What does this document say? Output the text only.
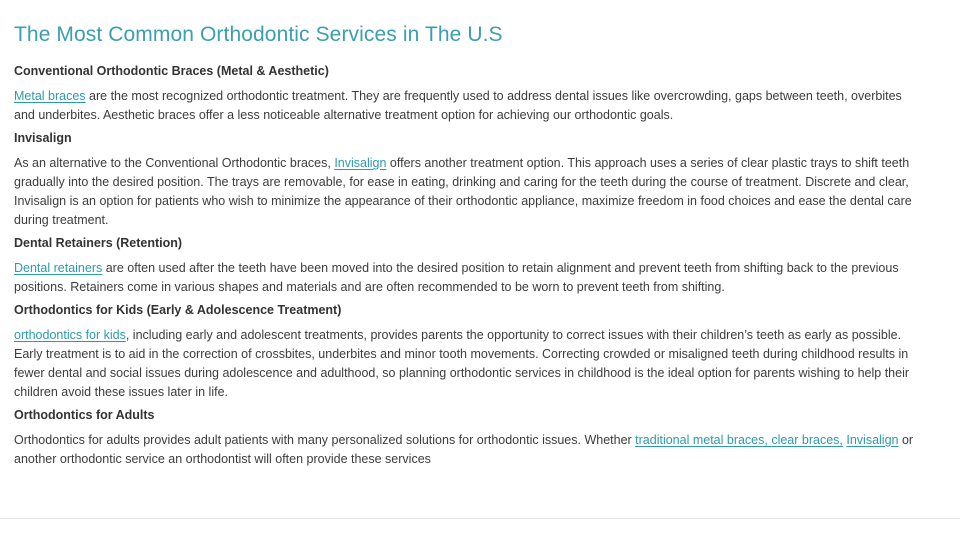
The Most Common Orthodontic Services in The U.S
Conventional Orthodontic Braces (Metal & Aesthetic)

Metal braces are the most recognized orthodontic treatment. They are frequently used to address dental issues like overcrowding, gaps between teeth, overbites and underbites. Aesthetic braces offer a less noticeable alternative treatment option for achieving our orthodontic goals.

Invisalign

As an alternative to the Conventional Orthodontic braces, Invisalign offers another treatment option. This approach uses a series of clear plastic trays to shift teeth gradually into the desired position. The trays are removable, for ease in eating, drinking and caring for the teeth during the course of treatment. Discrete and clear, Invisalign is an option for patients who wish to minimize the appearance of their orthodontic appliance, maximize freedom in food choices and ease the dental care during treatment.

Dental Retainers (Retention)

Dental retainers are often used after the teeth have been moved into the desired position to retain alignment and prevent teeth from shifting back to the previous positions. Retainers come in various shapes and materials and are often recommended to be worn to prevent teeth from shifting.

Orthodontics for Kids (Early & Adolescence Treatment)

orthodontics for kids, including early and adolescent treatments, provides parents the opportunity to correct issues with their children’s teeth as early as possible. Early treatment is to aid in the correction of crossbites, underbites and minor tooth movements. Correcting crowded or misaligned teeth during childhood results in fewer dental and social issues during adolescence and adulthood, so planning orthodontic services in childhood is the ideal option for parents wishing to help their children avoid these issues later in life.

Orthodontics for Adults

Orthodontics for adults provides adult patients with many personalized solutions for orthodontic issues. Whether traditional metal braces, clear braces, Invisalign or another orthodontic service an orthodontist will often provide these services
